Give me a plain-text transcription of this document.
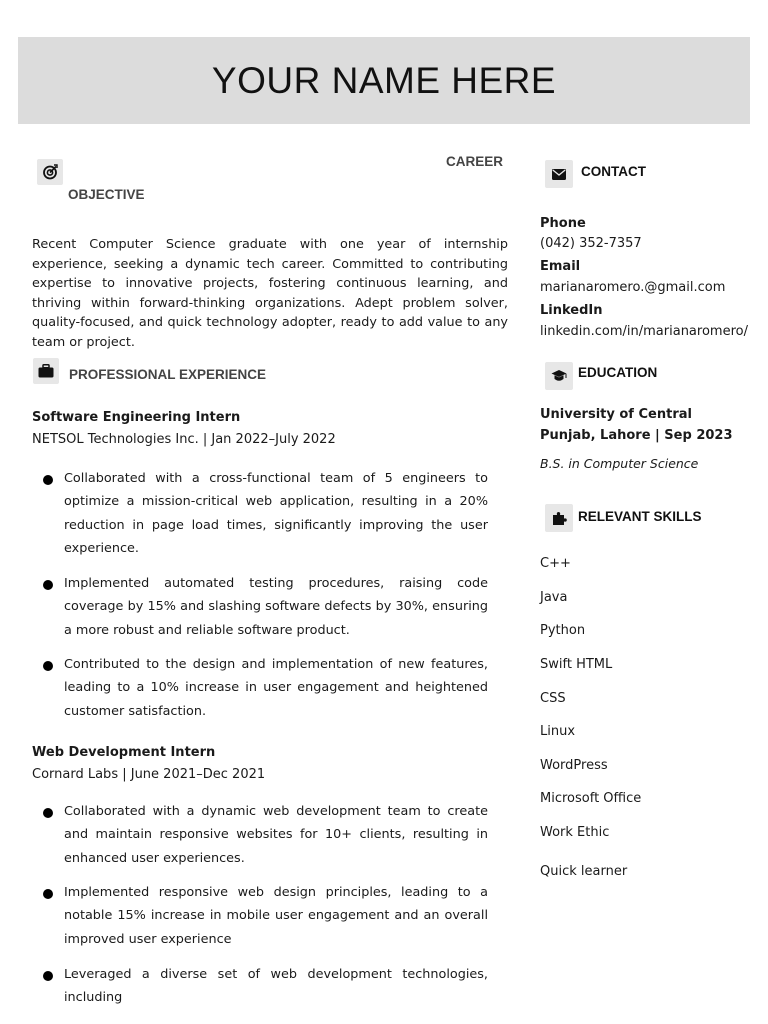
YOUR NAME HERE
CAREER
OBJECTIVE
Recent Computer Science graduate with one year of internship experience, seeking a dynamic tech career. Committed to contributing expertise to innovative projects, fostering continuous learning, and thriving within forward-thinking organizations. Adept problem solver, quality-focused, and quick technology adopter, ready to add value to any team or project.
PROFESSIONAL EXPERIENCE
Software Engineering Intern
NETSOL Technologies Inc. | Jan 2022–July 2022
Collaborated with a cross-functional team of 5 engineers to optimize a mission-critical web application, resulting in a 20% reduction in page load times, significantly improving the user experience.
Implemented automated testing procedures, raising code coverage by 15% and slashing software defects by 30%, ensuring a more robust and reliable software product.
Contributed to the design and implementation of new features, leading to a 10% increase in user engagement and heightened customer satisfaction.
Web Development Intern
Cornard Labs | June 2021–Dec 2021
Collaborated with a dynamic web development team to create and maintain responsive websites for 10+ clients, resulting in enhanced user experiences.
Implemented responsive web design principles, leading to a notable 15% increase in mobile user engagement and an overall improved user experience
Leveraged a diverse set of web development technologies, including
CONTACT
Phone
(042) 352-7357
Email
marianaromero.@gmail.com
LinkedIn
linkedin.com/in/marianaromero/
EDUCATION
University of Central Punjab, Lahore | Sep 2023
B.S. in Computer Science
RELEVANT SKILLS
C++
Java
Python
Swift HTML
CSS
Linux
WordPress
Microsoft Office
Work Ethic
Quick learner
